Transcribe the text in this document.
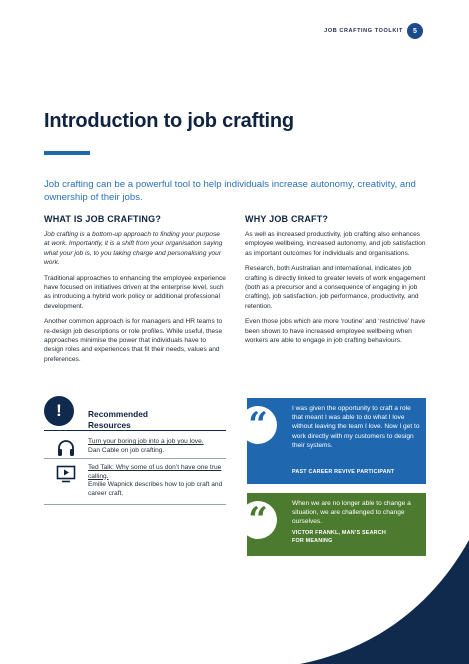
JOB CRAFTING TOOLKIT	5
Introduction to job crafting
Job crafting can be a powerful tool to help individuals increase autonomy, creativity, and ownership of their jobs.
WHAT IS JOB CRAFTING?

Job crafting is a bottom-up approach to finding your purpose at work. Importantly, it is a shift from your organisation saying what your job is, to you taking charge and personalising your work.

Traditional approaches to enhancing the employee experience have focused on initiatives driven at the enterprise level, such as introducing a hybrid work policy or additional professional development.

Another common approach is for managers and HR teams to re-design job descriptions or role profiles. While useful, these approaches minimise the power that individuals have to design roles and experiences that fit their needs, values and preferences.

WHY JOB CRAFT?

As well as increased productivity, job crafting also enhances employee wellbeing, increased autonomy, and job satisfaction as important outcomes for individuals and organisations.

Research, both Australian and international, indicates job crafting is directly linked to greater levels of work engagement (both as a precursor and a consequence of engaging in job crafting), job satisfaction, job performance, productivity, and retention.

Even those jobs which are more ‘routine’ and ‘restrictive’ have been shown to have increased employee wellbeing when workers are able to engage in job crafting behaviours.

!	Recommended
Resources
Turn your boring job into a job you love.
Dan Cable on job crafting.
Ted Talk: Why some of us don’t have one true calling.
Emilie Wapnick describes how to job craft and career craft.
“	I was given the opportunity to craft a role that meant I was able to do what I love without leaving the team I love. Now I get to work directly with my customers to design their systems.
PAST CAREER REVIVE PARTICIPANT
“	When we are no longer able to change a situation, we are challenged to change ourselves.
VICTOR FRANKL, MAN’S SEARCH
FOR MEANING
